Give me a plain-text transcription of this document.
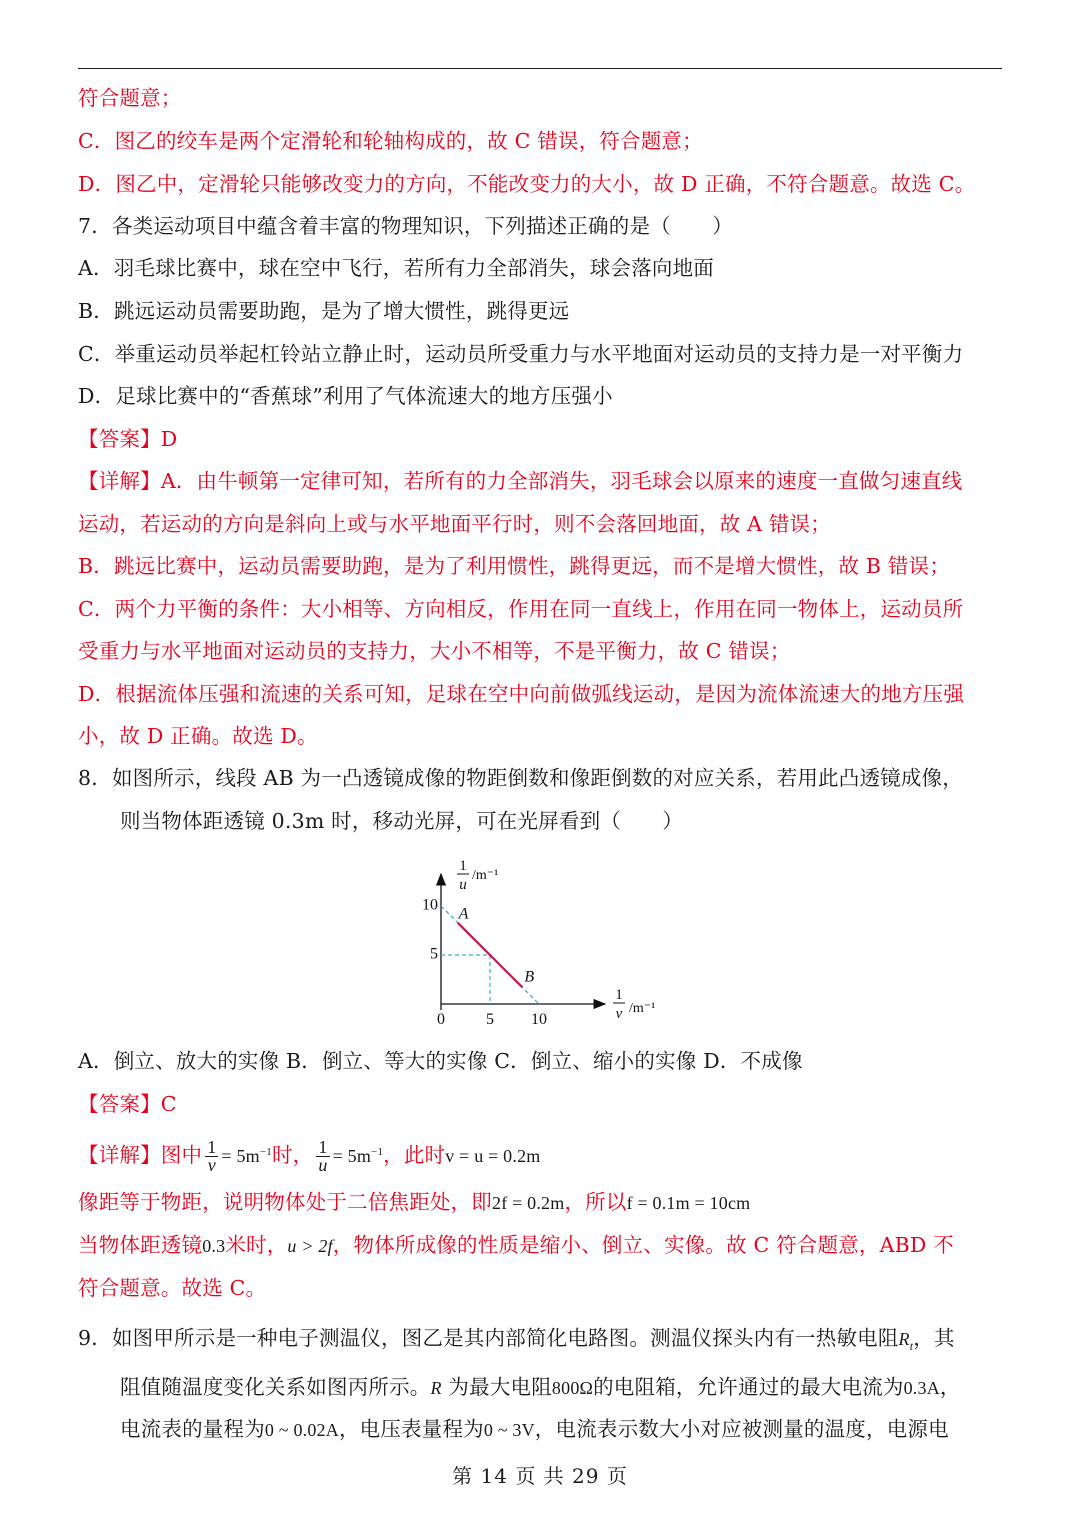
符合题意；
C．图乙的绞车是两个定滑轮和轮轴构成的，故 C 错误，符合题意；
D．图乙中，定滑轮只能够改变力的方向，不能改变力的大小，故 D 正确，不符合题意。故选 C。
7．各类运动项目中蕴含着丰富的物理知识，下列描述正确的是（　　）
A．羽毛球比赛中，球在空中飞行，若所有力全部消失，球会落向地面
B．跳远运动员需要助跑，是为了增大惯性，跳得更远
C．举重运动员举起杠铃站立静止时，运动员所受重力与水平地面对运动员的支持力是一对平衡力
D．足球比赛中的“香蕉球”利用了气体流速大的地方压强小
【答案】D
【详解】A．由牛顿第一定律可知，若所有的力全部消失，羽毛球会以原来的速度一直做匀速直线
运动，若运动的方向是斜向上或与水平地面平行时，则不会落回地面，故 A 错误；
B．跳远比赛中，运动员需要助跑，是为了利用惯性，跳得更远，而不是增大惯性，故 B 错误；
C．两个力平衡的条件：大小相等、方向相反，作用在同一直线上，作用在同一物体上，运动员所
受重力与水平地面对运动员的支持力，大小不相等，不是平衡力，故 C 错误；
D．根据流体压强和流速的关系可知，足球在空中向前做弧线运动，是因为流体流速大的地方压强
小，故 D 正确。故选 D。
8．如图所示，线段 AB 为一凸透镜成像的物距倒数和像距倒数的对应关系，若用此凸透镜成像，
则当物体距透镜 0.3m 时，移动光屏，可在光屏看到（　　）
A
B
5
10
0	5 10
1
u
/m⁻¹
1
v /m⁻¹
A．倒立、放大的实像 B．倒立、等大的实像 C．倒立、缩小的实像 D．不成像
【答案】C
【详解】图中 $\frac{1}{v} = 5m^{-1}$时， $\frac{1}{u} = 5m^{-1}$，此时v = u = 0.2m
像距等于物距，说明物体处于二倍焦距处，即2f = 0.2m，所以f = 0.1m = 10cm
当物体距透镜0.3米时，u > 2f，物体所成像的性质是缩小、倒立、实像。故 C 符合题意，ABD 不
符合题意。故选 C。
9．如图甲所示是一种电子测温仪，图乙是其内部简化电路图。测温仪探头内有一热敏电阻$R_t$，其
阻值随温度变化关系如图丙所示。R 为最大电阻800Ω的电阻箱，允许通过的最大电流为0.3A，
电流表的量程为0 ~ 0.02A，电压表量程为0 ~ 3V，电流表示数大小对应被测量的温度，电源电
第 14 页 共 29 页
